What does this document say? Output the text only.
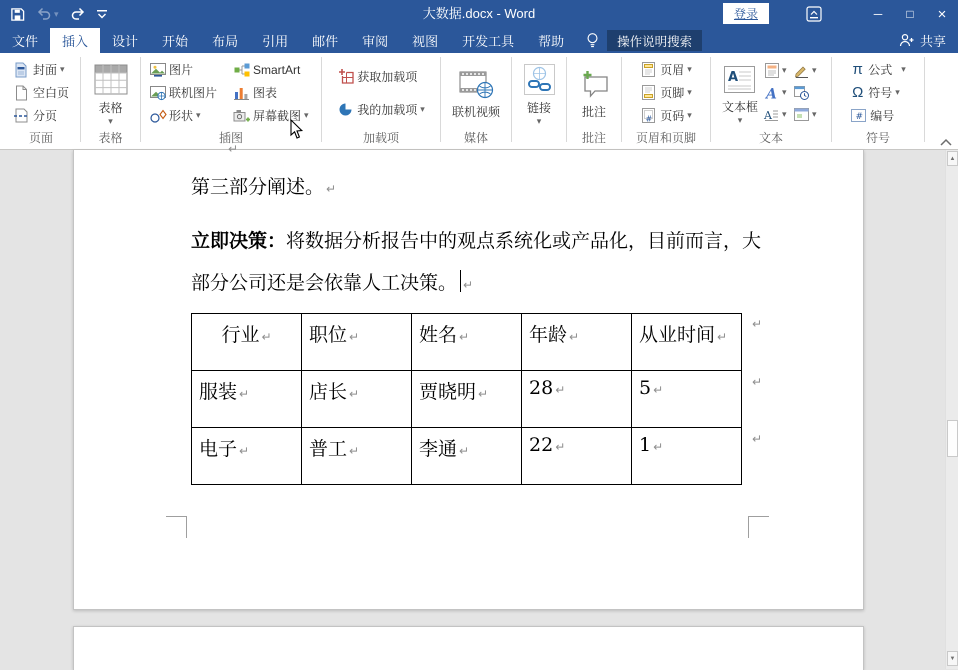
▾	大数据.docx - Word	登录	─	□	×
文件	插入	设计	开始	布局	引用	邮件	审阅	视图	开发工具	帮助	操作说明搜索	共享
封面 ▾
空白页
分页
页面
表格
▾
表格
图片
联机图片
形状 ▾
SmartArt
图表
屏幕截图 ▾
插图
获取加载项
我的加载项 ▾
加载项
联机视频
媒体
链接
▾
批注
批注
页眉 ▾
页脚 ▾
# 页码 ▾
页眉和页脚
A
文本框
▾
▾
A ▾
A ▾
▾
▾
文本
π 公式 ▾
Ω 符号 ▾
# 编号
符号
↵
第三部分阐述。 ↵
立即决策：将数据分析报告中的观点系统化或产品化，目前而言，大
部分公司还是会依靠人工决策。 ↵
行业 ↵	职位 ↵	姓名 ↵	年龄 ↵	从业时间 ↵
服装 ↵	店长 ↵	贾晓明 ↵	28 ↵	5 ↵
电子 ↵	普工 ↵	李通 ↵	22 ↵	1 ↵
↵
↵
↵
▲
▼
